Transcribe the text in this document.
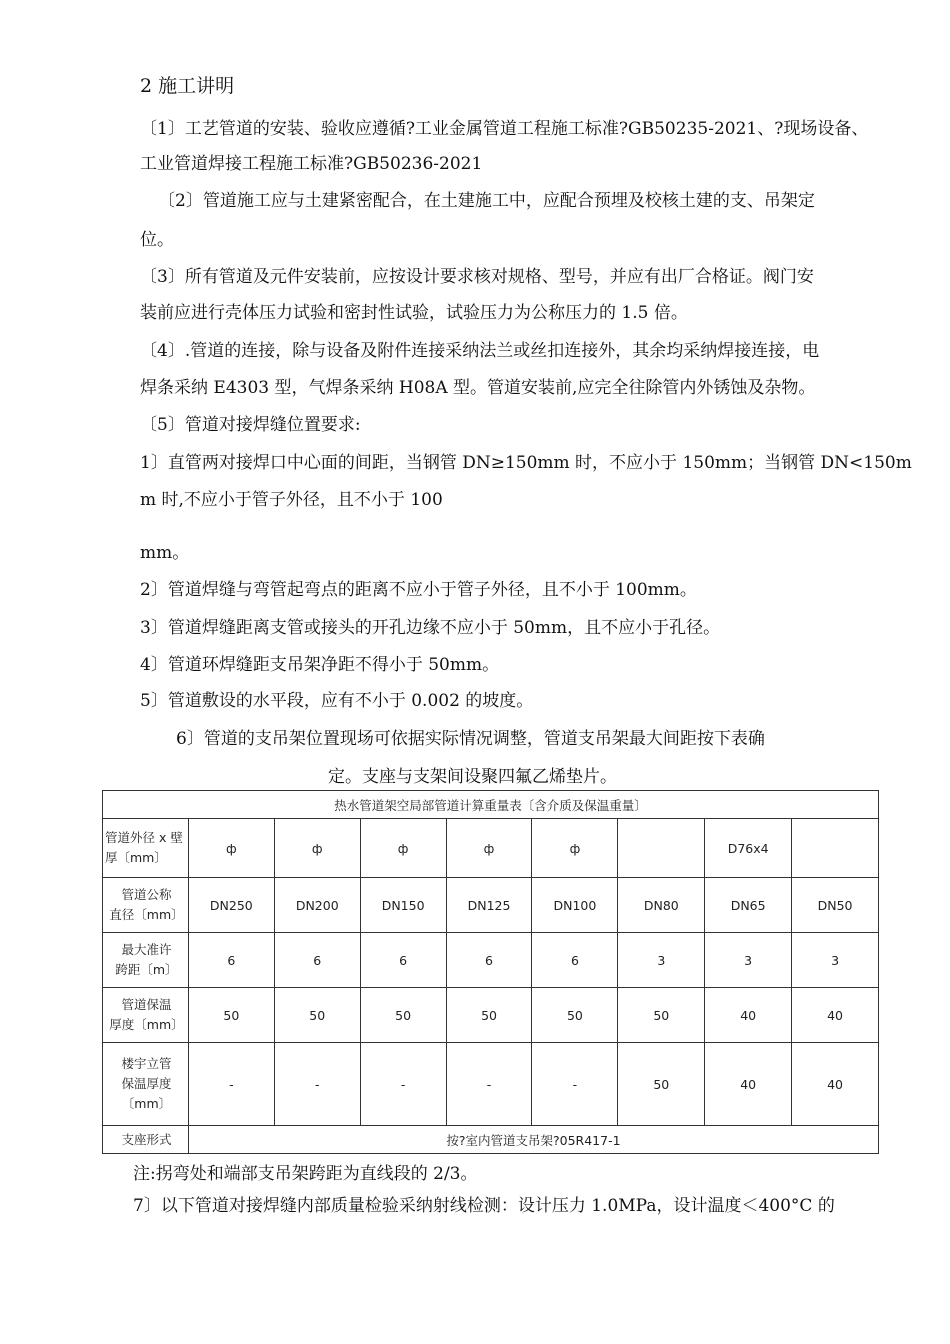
2 施工讲明
〔1〕工艺管道的安装、验收应遵循?工业金属管道工程施工标准?GB50235-2021、?现场设备、
工业管道焊接工程施工标准?GB50236-2021
〔2〕管道施工应与土建紧密配合，在土建施工中，应配合预埋及校核土建的支、吊架定
位。
〔3〕所有管道及元件安装前，应按设计要求核对规格、型号，并应有出厂合格证。阀门安
装前应进行壳体压力试验和密封性试验，试验压力为公称压力的 1.5 倍。
〔4〕.管道的连接，除与设备及附件连接采纳法兰或丝扣连接外，其余均采纳焊接连接，电
焊条采纳 E4303 型，气焊条采纳 H08A 型。管道安装前,应完全往除管内外锈蚀及杂物。
〔5〕管道对接焊缝位置要求:
1〕直管两对接焊口中心面的间距，当钢管 DN≥150mm 时，不应小于 150mm；当钢管 DN<150m
m 时,不应小于管子外径，且不小于 100
mm。
2〕管道焊缝与弯管起弯点的距离不应小于管子外径，且不小于 100mm。
3〕管道焊缝距离支管或接头的开孔边缘不应小于 50mm，且不应小于孔径。
4〕管道环焊缝距支吊架净距不得小于 50mm。
5〕管道敷设的水平段，应有不小于 0.002 的坡度。
6〕管道的支吊架位置现场可依据实际情况调整，管道支吊架最大间距按下表确
定。支座与支架间设聚四氟乙烯垫片。
热水管道架空局部管道计算重量表〔含介质及保温重量〕								

管道外径 x 壁
厚〔mm〕	ф	ф	ф	ф	ф		D76x4	

管道公称
直径〔mm〕	DN250	DN200	DN150	DN125	DN100	DN80	DN65	DN50

最大准许
跨距〔m〕	6	6	6	6	6	3	3	3

管道保温
厚度〔mm〕	50	50	50	50	50	50	40	40

楼宇立管
保温厚度
〔mm〕	-	-	-	-	-	50	40	40
支座形式	按?室内管道支吊架?05R417-1							
注:拐弯处和端部支吊架跨距为直线段的 2/3。
7〕以下管道对接焊缝内部质量检验采纳射线检测：设计压力 1.0MPa，设计温度＜400°C 的
